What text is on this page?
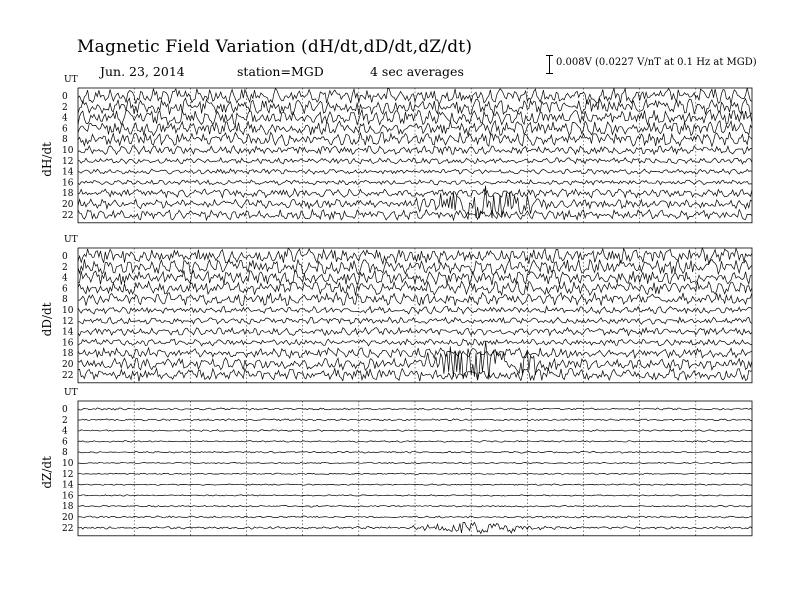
Magnetic Field Variation (dH/dt,dD/dt,dZ/dt)
Jun. 23, 2014	station=MGD	4 sec averages
0.008V (0.0227 V/nT at 0.1 Hz at MGD)
UT
dH/dt
0
2
4
6
8
10
12
14
16
18
20
22
UT
dD/dt
0
2
4
6
8
10
12
14
16
18
20
22
UT
dZ/dt
0
2
4
6
8
10
12
14
16
18
20
22
